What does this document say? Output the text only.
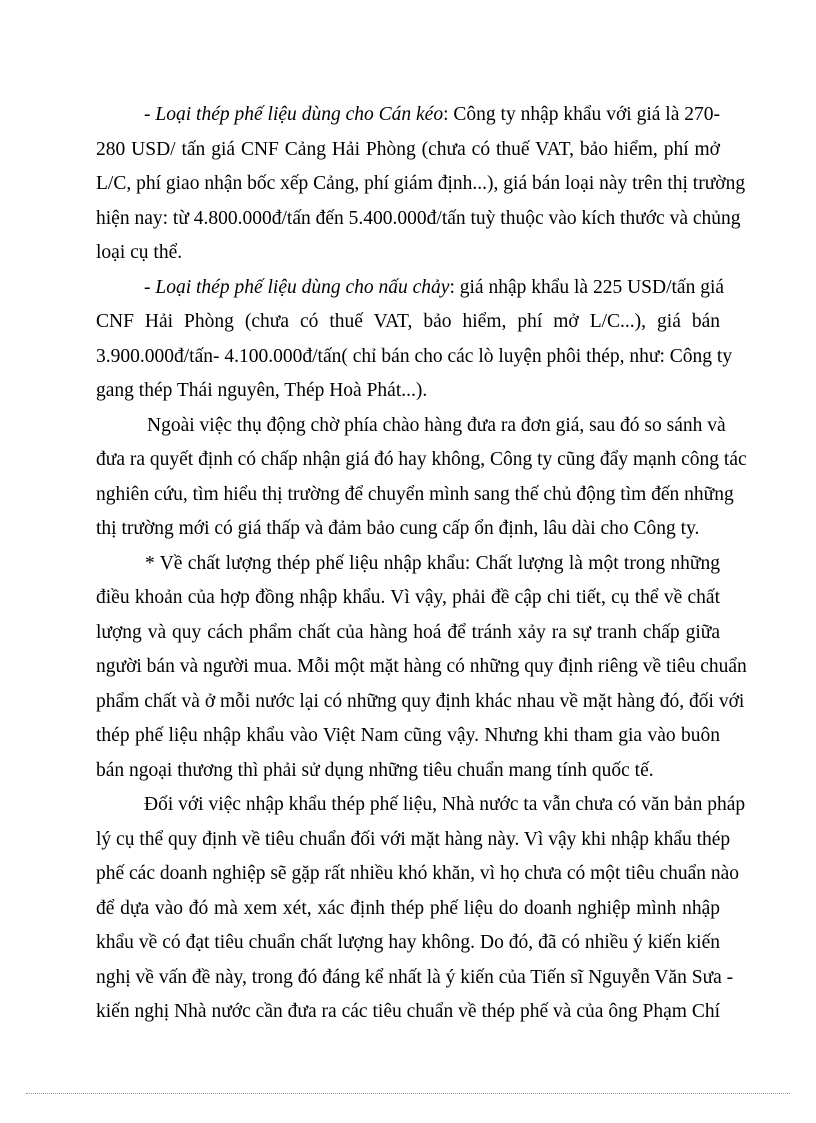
- Loại thép phế liệu dùng cho Cán kéo: Công ty nhập khẩu với giá là 270-
280 USD/ tấn giá CNF Cảng Hải Phòng (chưa có thuế VAT, bảo hiểm, phí mở
L/C, phí giao nhận bốc xếp Cảng, phí giám định...), giá bán loại này trên thị trường
hiện nay: từ 4.800.000đ/tấn đến 5.400.000đ/tấn tuỳ thuộc vào kích thước và chủng
loại cụ thể.
- Loại thép phế liệu dùng cho nấu chảy: giá nhập khẩu là 225 USD/tấn giá
CNF Hải Phòng (chưa có thuế VAT, bảo hiểm, phí mở L/C...), giá bán
3.900.000đ/tấn- 4.100.000đ/tấn( chỉ bán cho các lò luyện phôi thép, như: Công ty
gang thép Thái nguyên, Thép Hoà Phát...).
Ngoài việc thụ động chờ phía chào hàng đưa ra đơn giá, sau đó so sánh và
đưa ra quyết định có chấp nhận giá đó hay không, Công ty cũng đẩy mạnh công tác
nghiên cứu, tìm hiểu thị trường để chuyển mình sang thế chủ động tìm đến những
thị trường mới có giá thấp và đảm bảo cung cấp ổn định, lâu dài cho Công ty.
* Về chất lượng thép phế liệu nhập khẩu: Chất lượng là một trong những
điều khoản của hợp đồng nhập khẩu. Vì vậy, phải đề cập chi tiết, cụ thể về chất
lượng và quy cách phẩm chất của hàng hoá để tránh xảy ra sự tranh chấp giữa
người bán và người mua. Mỗi một mặt hàng có những quy định riêng về tiêu chuẩn
phẩm chất và ở mỗi nước lại có những quy định khác nhau về mặt hàng đó, đối với
thép phế liệu nhập khẩu vào Việt Nam cũng vậy. Nhưng khi tham gia vào buôn
bán ngoại thương thì phải sử dụng những tiêu chuẩn mang tính quốc tế.
Đối với việc nhập khẩu thép phế liệu, Nhà nước ta vẫn chưa có văn bản pháp
lý cụ thể quy định về tiêu chuẩn đối với mặt hàng này. Vì vậy khi nhập khẩu thép
phế các doanh nghiệp sẽ gặp rất nhiều khó khăn, vì họ chưa có một tiêu chuẩn nào
để dựa vào đó mà xem xét, xác định thép phế liệu do doanh nghiệp mình nhập
khẩu về có đạt tiêu chuẩn chất lượng hay không. Do đó, đã có nhiều ý kiến kiến
nghị về vấn đề này, trong đó đáng kể nhất là ý kiến của Tiến sĩ Nguyễn Văn Sưa -
kiến nghị Nhà nước cần đưa ra các tiêu chuẩn về thép phế và của ông Phạm Chí
